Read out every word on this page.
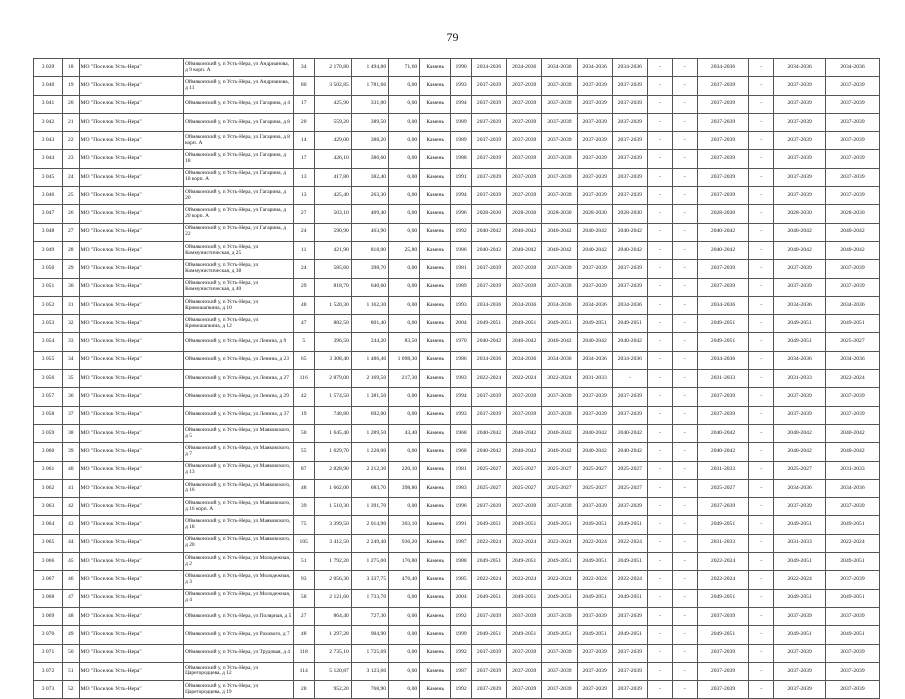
79
3 039	18	МО "Поселок Усть-Нера"	Оймяконский у, п Усть-Нера, ул Андрианова, д 9 корп. А	34	2 170,80	1 494,80	71,60	Камень	1990	2034-2036	2034-2036	2034-2036	2034-2036	2034-2036	-	-	2034-2036	-	2034-2036	2034-2036
3 040	19	МО "Поселок Усть-Нера"	Оймяконский у, п Усть-Нера, ул Андрианова, д 11	80	3 502,85	1 781,66	0,00	Камень	1993	2037-2039	2037-2039	2037-2039	2037-2039	2037-2039	-	-	2037-2039	-	2037-2039	2037-2039
3 041	20	МО "Поселок Усть-Нера"	Оймяконский у, п Усть-Нера, ул Гагарина, д 4	17	425,90	331,00	0,00	Камень	1994	2037-2039	2037-2039	2037-2039	2037-2039	2037-2039	-	-	2037-2039	-	2037-2039	2037-2039
3 042	21	МО "Поселок Усть-Нера"	Оймяконский у, п Усть-Нера, ул Гагарина, д 8	20	559,20	389,50	0,00	Камень	1989	2037-2039	2037-2039	2037-2039	2037-2039	2037-2039	-	-	2037-2039	-	2037-2039	2037-2039
3 043	22	МО "Поселок Усть-Нера"	Оймяконский у, п Усть-Нера, ул Гагарина, д 8 корп. А	14	429,00	388,20	0,00	Камень	1989	2037-2039	2037-2039	2037-2039	2037-2039	2037-2039	-	-	2037-2039	-	2037-2039	2037-2039
3 044	23	МО "Поселок Усть-Нера"	Оймяконский у, п Усть-Нера, ул Гагарина, д 18	17	426,10	386,60	0,00	Камень	1988	2037-2039	2037-2039	2037-2039	2037-2039	2037-2039	-	-	2037-2039	-	2037-2039	2037-2039
3 045	24	МО "Поселок Усть-Нера"	Оймяконский у, п Усть-Нера, ул Гагарина, д 18 корп. А	13	417,80	382,40	0,00	Камень	1991	2037-2039	2037-2039	2037-2039	2037-2039	2037-2039	-	-	2037-2039	-	2037-2039	2037-2039
3 046	25	МО "Поселок Усть-Нера"	Оймяконский у, п Усть-Нера, ул Гагарина, д 20	13	425,40	263,30	0,00	Камень	1994	2037-2039	2037-2039	2037-2039	2037-2039	2037-2039	-	-	2037-2039	-	2037-2039	2037-2039
3 047	26	МО "Поселок Усть-Нера"	Оймяконский у, п Усть-Нера, ул Гагарина, д 20 корп. А	27	503,10	409,40	0,00	Камень	1996	2028-2030	2028-2030	2028-2030	2028-2030	2028-2030	-	-	2028-2030	-	2028-2030	2028-2030
3 048	27	МО "Поселок Усть-Нера"	Оймяконский у, п Усть-Нера, ул Гагарина, д 22	24	590,90	463,90	0,00	Камень	1992	2040-2042	2040-2042	2040-2042	2040-2042	2040-2042	-	-	2040-2042	-	2040-2042	2040-2042
3 049	28	МО "Поселок Усть-Нера"	Оймяконский у, п Усть-Нера, ул Коммунистическая, д 25	11	421,90	818,00	25,80	Камень	1986	2040-2042	2040-2042	2040-2042	2040-2042	2040-2042	-	-	2040-2042	-	2040-2042	2040-2042
3 050	29	МО "Поселок Усть-Нера"	Оймяконский у, п Усть-Нера, ул Коммунистическая, д 38	24	585,60	398,70	0,00	Камень	1981	2037-2039	2037-2039	2037-2039	2037-2039	2037-2039	-	-	2037-2039	-	2037-2039	2037-2039
3 051	30	МО "Поселок Усть-Нера"	Оймяконский у, п Усть-Нера, ул Коммунистическая, д 40	29	818,70	640,60	0,00	Камень	1989	2037-2039	2037-2039	2037-2039	2037-2039	2037-2039	-	-	2037-2039	-	2037-2039	2037-2039
3 052	31	МО "Поселок Усть-Нера"	Оймяконский у, п Усть-Нера, ул Кривошапкина, д 10	48	1 520,30	1 162,30	0,00	Камень	1993	2034-2036	2034-2036	2034-2036	2034-2036	2034-2036	-	-	2034-2036	-	2034-2036	2034-2036
3 053	32	МО "Поселок Усть-Нера"	Оймяконский у, п Усть-Нера, ул Кривошапкина, д 12	47	882,50	801,40	0,00	Камень	2004	2049-2051	2049-2051	2049-2051	2049-2051	2049-2051	-	-	2049-2051	-	2049-2051	2049-2051
3 054	33	МО "Поселок Усть-Нера"	Оймяконский у, п Усть-Нера, ул Ленина, д 9	5	396,50	244,20	83,50	Камень	1970	2040-2042	2040-2042	2040-2042	2040-2042	2040-2042	-	-	2049-2051	-	2049-2051	2025-2027
3 055	34	МО "Поселок Усть-Нера"	Оймяконский у, п Усть-Нера, ул Ленина, д 23	65	3 308,40	1 486,40	1 098,30	Камень	1986	2034-2036	2034-2036	2034-2036	2034-2036	2034-2036	-	-	2034-2036	-	2034-2036	2034-2036
3 056	35	МО "Поселок Усть-Нера"	Оймяконский у, п Усть-Нера, ул Ленина, д 27	116	2 879,00	2 169,50	217,30	Камень	1983	2022-2024	2022-2024	2022-2024	2031-2033	-	-	-	2031-2033	-	2031-2033	2022-2024
3 057	36	МО "Поселок Усть-Нера"	Оймяконский у, п Усть-Нера, ул Ленина, д 29	42	1 574,50	1 381,50	0,00	Камень	1994	2037-2039	2037-2039	2037-2039	2037-2039	2037-2039	-	-	2037-2039	-	2037-2039	2037-2039
3 058	37	МО "Поселок Усть-Нера"	Оймяконский у, п Усть-Нера, ул Ленина, д 37	19	748,80	692,00	0,00	Камень	1993	2037-2039	2037-2039	2037-2039	2037-2039	2037-2039	-	-	2037-2039	-	2037-2039	2037-2039
3 059	38	МО "Поселок Усть-Нера"	Оймяконский у, п Усть-Нера, ул Маяковского, д 5	50	1 645,40	1 289,50	43,40	Камень	1968	2040-2042	2040-2042	2040-2042	2040-2042	2040-2042	-	-	2040-2042	-	2040-2042	2040-2042
3 060	39	МО "Поселок Усть-Нера"	Оймяконский у, п Усть-Нера, ул Маяковского, д 7	55	1 629,70	1 228,00	0,00	Камень	1968	2040-2042	2040-2042	2040-2042	2040-2042	2040-2042	-	-	2040-2042	-	2040-2042	2040-2042
3 061	40	МО "Поселок Усть-Нера"	Оймяконский у, п Усть-Нера, ул Маяковского, д 13	87	2 828,90	2 212,30	220,10	Камень	1981	2025-2027	2025-2027	2025-2027	2025-2027	2025-2027	-	-	2031-2033	-	2025-2027	2031-2033
3 062	41	МО "Поселок Усть-Нера"	Оймяконский у, п Усть-Нера, ул Маяковского, д 16	48	1 662,00	683,70	398,80	Камень	1983	2025-2027	2025-2027	2025-2027	2025-2027	2025-2027	-	-	2025-2027	-	2034-2036	2034-2036
3 063	42	МО "Поселок Усть-Нера"	Оймяконский у, п Усть-Нера, ул Маяковского, д 16 корп. А	39	1 510,30	1 391,70	0,00	Камень	1996	2037-2039	2037-2039	2037-2039	2037-2039	2037-2039	-	-	2037-2039	-	2037-2039	2037-2039
3 064	43	МО "Поселок Усть-Нера"	Оймяконский у, п Усть-Нера, ул Маяковского, д 18	75	3 399,50	2 014,90	303,10	Камень	1991	2049-2051	2049-2051	2049-2051	2049-2051	2049-2051	-	-	2049-2051	-	2049-2051	2049-2051
3 065	44	МО "Поселок Усть-Нера"	Оймяконский у, п Усть-Нера, ул Маяковского, д 20	105	3 412,50	2 249,40	936,20	Камень	1987	2022-2024	2022-2024	2022-2024	2022-2024	2022-2024	-	-	2031-2033	-	2031-2033	2022-2024
3 066	45	МО "Поселок Усть-Нера"	Оймяконский у, п Усть-Нера, ул Молодежная, д 2	51	1 792,20	1 275,00	170,80	Камень	1988	2049-2051	2049-2051	2049-2051	2049-2051	2049-2051	-	-	2022-2024	-	2049-2051	2049-2051
3 067	46	МО "Поселок Усть-Нера"	Оймяконский у, п Усть-Нера, ул Молодежная, д 3	93	2 056,30	3 337,75	476,40	Камень	1985	2022-2024	2022-2024	2022-2024	2022-2024	2022-2024	-	-	2022-2024	-	2022-2024	2037-2039
3 068	47	МО "Поселок Усть-Нера"	Оймяконский у, п Усть-Нера, ул Молодежная, д 4	58	2 121,60	1 733,70	0,00	Камень	2004	2049-2051	2049-2051	2049-2051	2049-2051	2049-2051	-	-	2049-2051	-	2049-2051	2049-2051
3 069	48	МО "Поселок Усть-Нера"	Оймяконский у, п Усть-Нера, ул Полярная, д 5	27	864,40	727,30	0,00	Камень	1992	2037-2039	2037-2039	2037-2039	2037-2039	2037-2039	-	-	2037-2039	-	2037-2039	2037-2039
3 070	49	МО "Поселок Усть-Нера"	Оймяконский у, п Усть-Нера, ул Рахового, д 7	48	1 297,28	904,90	0,00	Камень	1999	2049-2051	2049-2051	2049-2051	2049-2051	2049-2051	-	-	2049-2051	-	2049-2051	2049-2051
3 071	50	МО "Поселок Усть-Нера"	Оймяконский у, п Усть-Нера, ул Трудовая, д 4	118	2 735,10	1 725,69	0,00	Камень	1992	2037-2039	2037-2039	2037-2039	2037-2039	2037-2039	-	-	2037-2039	-	2037-2039	2037-2039
3 072	51	МО "Поселок Усть-Нера"	Оймяконский у, п Усть-Нера, ул Царегородцева, д 12	114	5 120,87	3 123,60	0,00	Камень	1987	2037-2039	2037-2039	2037-2039	2037-2039	2037-2039	-	-	2037-2039	-	2037-2039	2037-2039
3 073	52	МО "Поселок Усть-Нера"	Оймяконский у, п Усть-Нера, ул Царегородцева, д 19	28	952,20	768,90	0,00	Камень	1992	2037-2039	2037-2039	2037-2039	2037-2039	2037-2039	-	-	2037-2039	-	2037-2039	2037-2039
